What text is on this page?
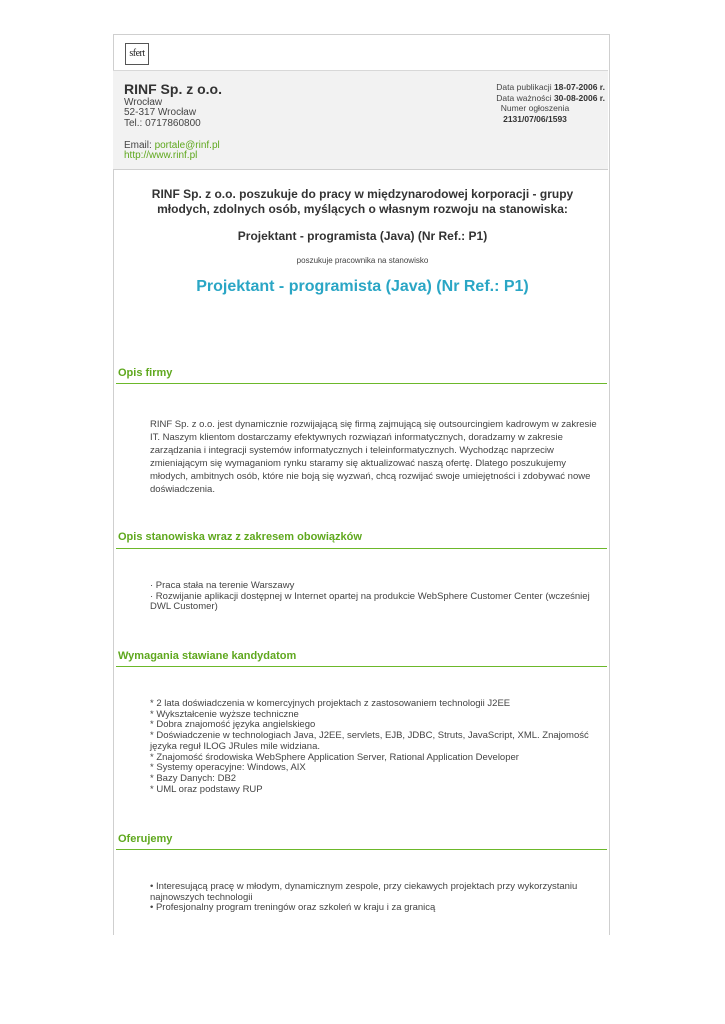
sfert
RINF Sp. z o.o.
Wrocław
52-317 Wrocław
Tel.: 0717860800
Email: portale@rinf.pl
http://www.rinf.pl
Data publikacji 18-07-2006 r.
Data ważności 30-08-2006 r.
Numer ogłoszenia
2131/07/06/1593
RINF Sp. z o.o. poszukuje do pracy w międzynarodowej korporacji - grupy młodych, zdolnych osób, myślących o własnym rozwoju na stanowiska:
Projektant - programista (Java) (Nr Ref.: P1)
poszukuje pracownika na stanowisko
Projektant - programista (Java) (Nr Ref.: P1)
Opis firmy
RINF Sp. z o.o. jest dynamicznie rozwijającą się firmą zajmującą się outsourcingiem kadrowym w zakresie IT. Naszym klientom dostarczamy efektywnych rozwiązań informatycznych, doradzamy w zakresie zarządzania i integracji systemów informatycznych i teleinformatycznych. Wychodząc naprzeciw zmieniającym się wymaganiom rynku staramy się aktualizować naszą ofertę. Dlatego poszukujemy młodych, ambitnych osób, które nie boją się wyzwań, chcą rozwijać swoje umiejętności i zdobywać nowe doświadczenia.
Opis stanowiska wraz z zakresem obowiązków
· Praca stała na terenie Warszawy
· Rozwijanie aplikacji dostępnej w Internet opartej na produkcie WebSphere Customer Center (wcześniej DWL Customer)
Wymagania stawiane kandydatom
* 2 lata doświadczenia w komercyjnych projektach z zastosowaniem technologii J2EE
* Wykształcenie wyższe techniczne
* Dobra znajomość języka angielskiego
* Doświadczenie w technologiach Java, J2EE, servlets, EJB, JDBC, Struts, JavaScript, XML. Znajomość języka reguł ILOG JRules mile widziana.
* Znajomość środowiska WebSphere Application Server, Rational Application Developer
* Systemy operacyjne: Windows, AIX
* Bazy Danych: DB2
* UML oraz podstawy RUP
Oferujemy
• Interesującą pracę w młodym, dynamicznym zespole, przy ciekawych projektach przy wykorzystaniu najnowszych technologii
• Profesjonalny program treningów oraz szkoleń w kraju i za granicą
